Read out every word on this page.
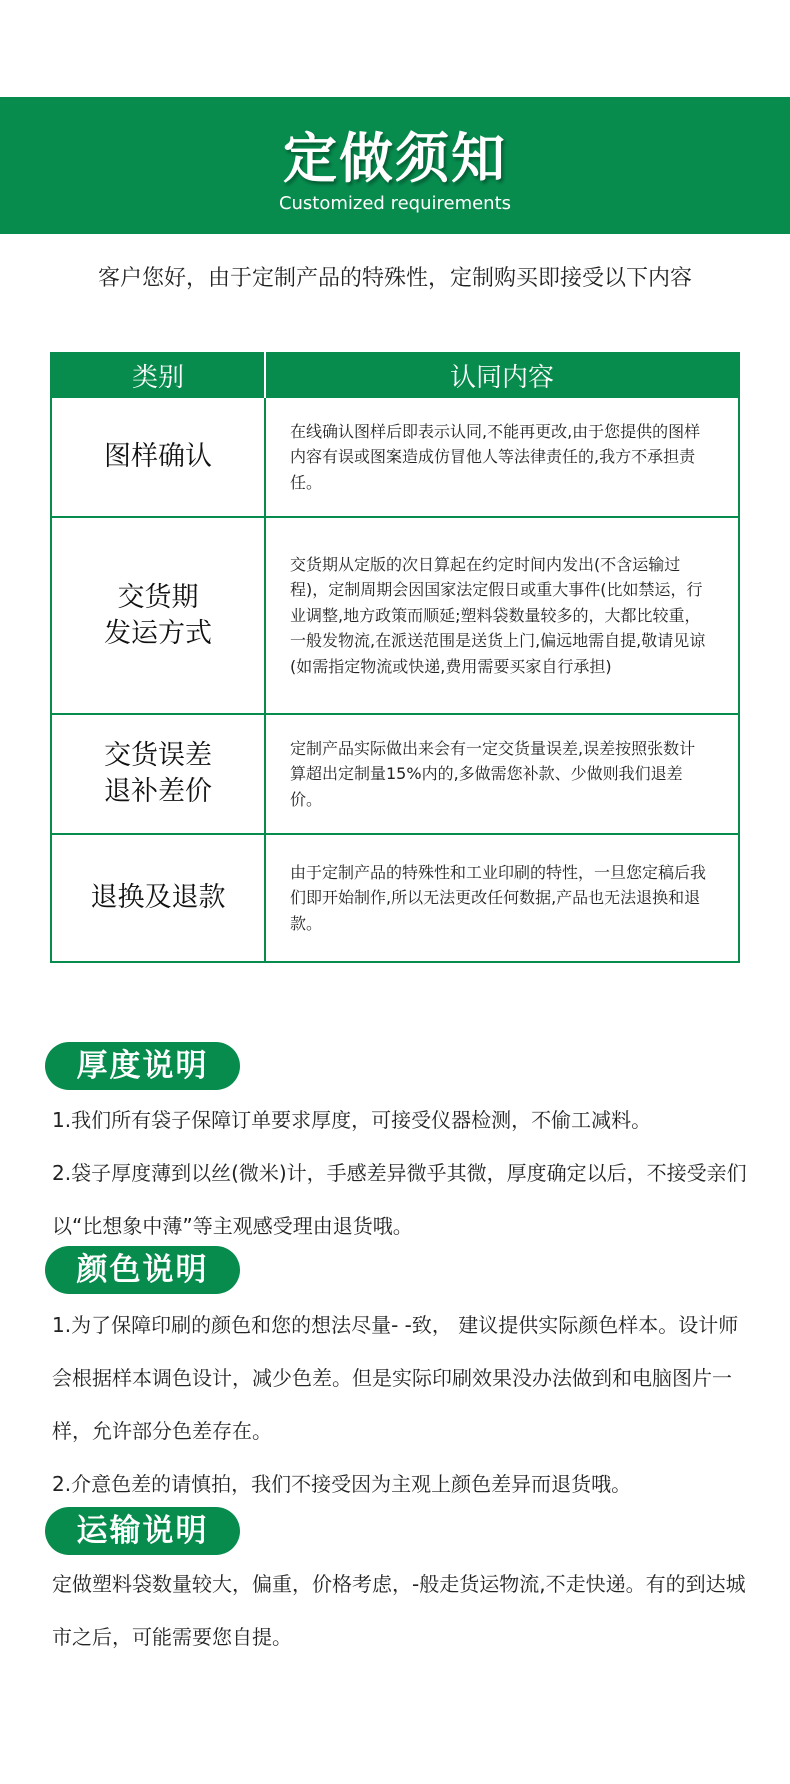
定做须知
Customized requirements
客户您好，由于定制产品的特殊性，定制购买即接受以下内容
类别	认同内容

图样确认	在线确认图样后即表示认同,不能再更改,由于您提供的图样内容有误或图案造成仿冒他人等法律责任的,我方不承担责任。

交货期
发运方式	交货期从定版的次日算起在约定时间内发出(不含运输过程)，定制周期会因国家法定假日或重大事件(比如禁运，行业调整,地方政策而顺延;塑料袋数量较多的，大都比较重，一般发物流,在派送范围是送货上门,偏远地需自提,敬请见谅(如需指定物流或快递,费用需要买家自行承担)

交货误差
退补差价	定制产品实际做出来会有一定交货量误差,误差按照张数计算超出定制量15%内的,多做需您补款、少做则我们退差价。

退换及退款	由于定制产品的特殊性和工业印刷的特性，一旦您定稿后我们即开始制作,所以无法更改任何数据,产品也无法退换和退款。
厚度说明

1.我们所有袋子保障订单要求厚度，可接受仪器检测，不偷工减料。

2.袋子厚度薄到以丝(微米)计，手感差异微乎其微，厚度确定以后，不接受亲们以“比想象中薄”等主观感受理由退货哦。

颜色说明

1.为了保障印刷的颜色和您的想法尽量- -致， 建议提供实际颜色样本。设计师会根据样本调色设计，减少色差。但是实际印刷效果没办法做到和电脑图片一样，允许部分色差存在。

2.介意色差的请慎拍，我们不接受因为主观上颜色差异而退货哦。

运输说明

定做塑料袋数量较大，偏重，价格考虑，-般走货运物流,不走快递。有的到达城市之后，可能需要您自提。
